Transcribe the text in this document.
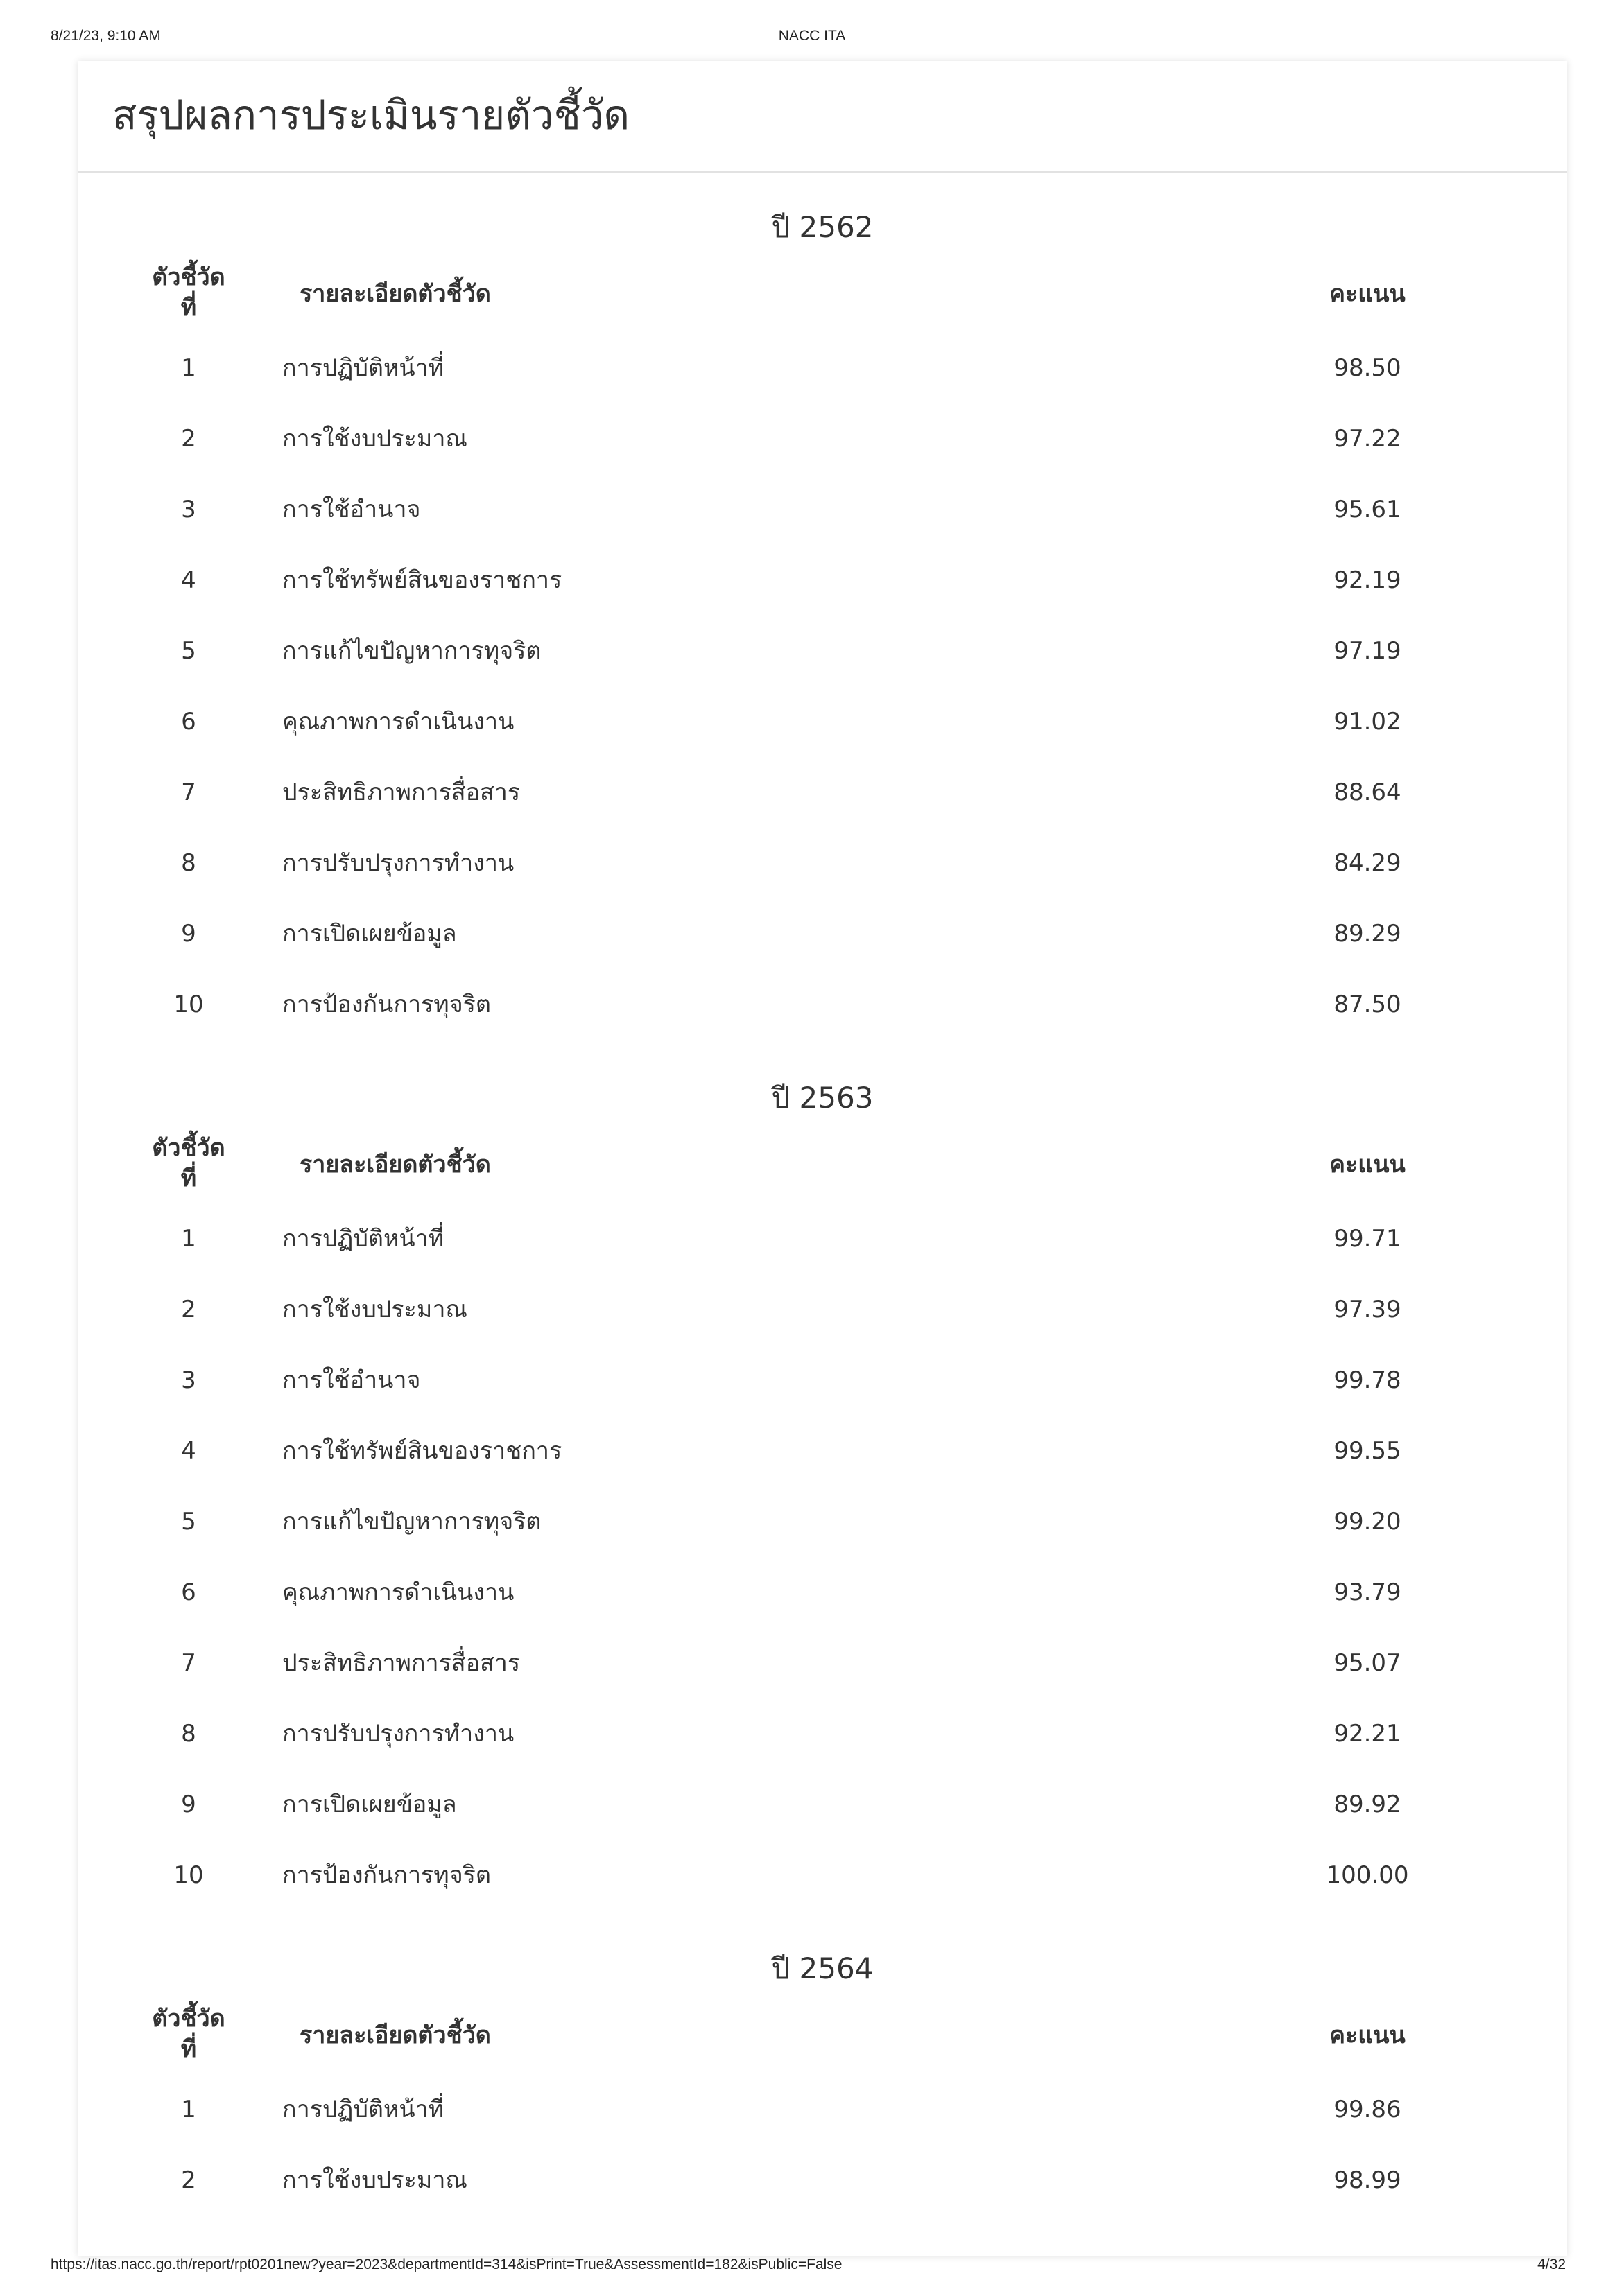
8/21/23, 9:10 AM	NACC ITA
สรุปผลการประเมินรายตัวชี้วัด
ปี 2562
ตัวชี้วัด
ที่	รายละเอียดตัวชี้วัด	คะแนน
1	การปฏิบัติหน้าที่	98.50
2	การใช้งบประมาณ	97.22
3	การใช้อำนาจ	95.61
4	การใช้ทรัพย์สินของราชการ	92.19
5	การแก้ไขปัญหาการทุจริต	97.19
6	คุณภาพการดำเนินงาน	91.02
7	ประสิทธิภาพการสื่อสาร	88.64
8	การปรับปรุงการทำงาน	84.29
9	การเปิดเผยข้อมูล	89.29
10	การป้องกันการทุจริต	87.50
ปี 2563
ตัวชี้วัด
ที่	รายละเอียดตัวชี้วัด	คะแนน
1	การปฏิบัติหน้าที่	99.71
2	การใช้งบประมาณ	97.39
3	การใช้อำนาจ	99.78
4	การใช้ทรัพย์สินของราชการ	99.55
5	การแก้ไขปัญหาการทุจริต	99.20
6	คุณภาพการดำเนินงาน	93.79
7	ประสิทธิภาพการสื่อสาร	95.07
8	การปรับปรุงการทำงาน	92.21
9	การเปิดเผยข้อมูล	89.92
10	การป้องกันการทุจริต	100.00
ปี 2564
ตัวชี้วัด
ที่	รายละเอียดตัวชี้วัด	คะแนน
1	การปฏิบัติหน้าที่	99.86
2	การใช้งบประมาณ	98.99
https://itas.nacc.go.th/report/rpt0201new?year=2023&departmentId=314&isPrint=True&AssessmentId=182&isPublic=False	4/32
